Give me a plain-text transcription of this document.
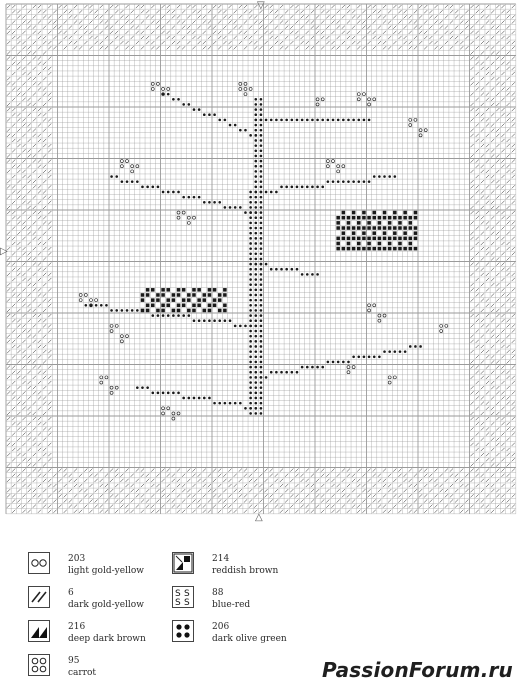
▽
▷
△
203
light gold-yellow
6
dark gold-yellow
216
deep dark brown
95
carrot
214
reddish brown
S S
S S
88
blue-red
206
dark olive green
PassionForum.ru
